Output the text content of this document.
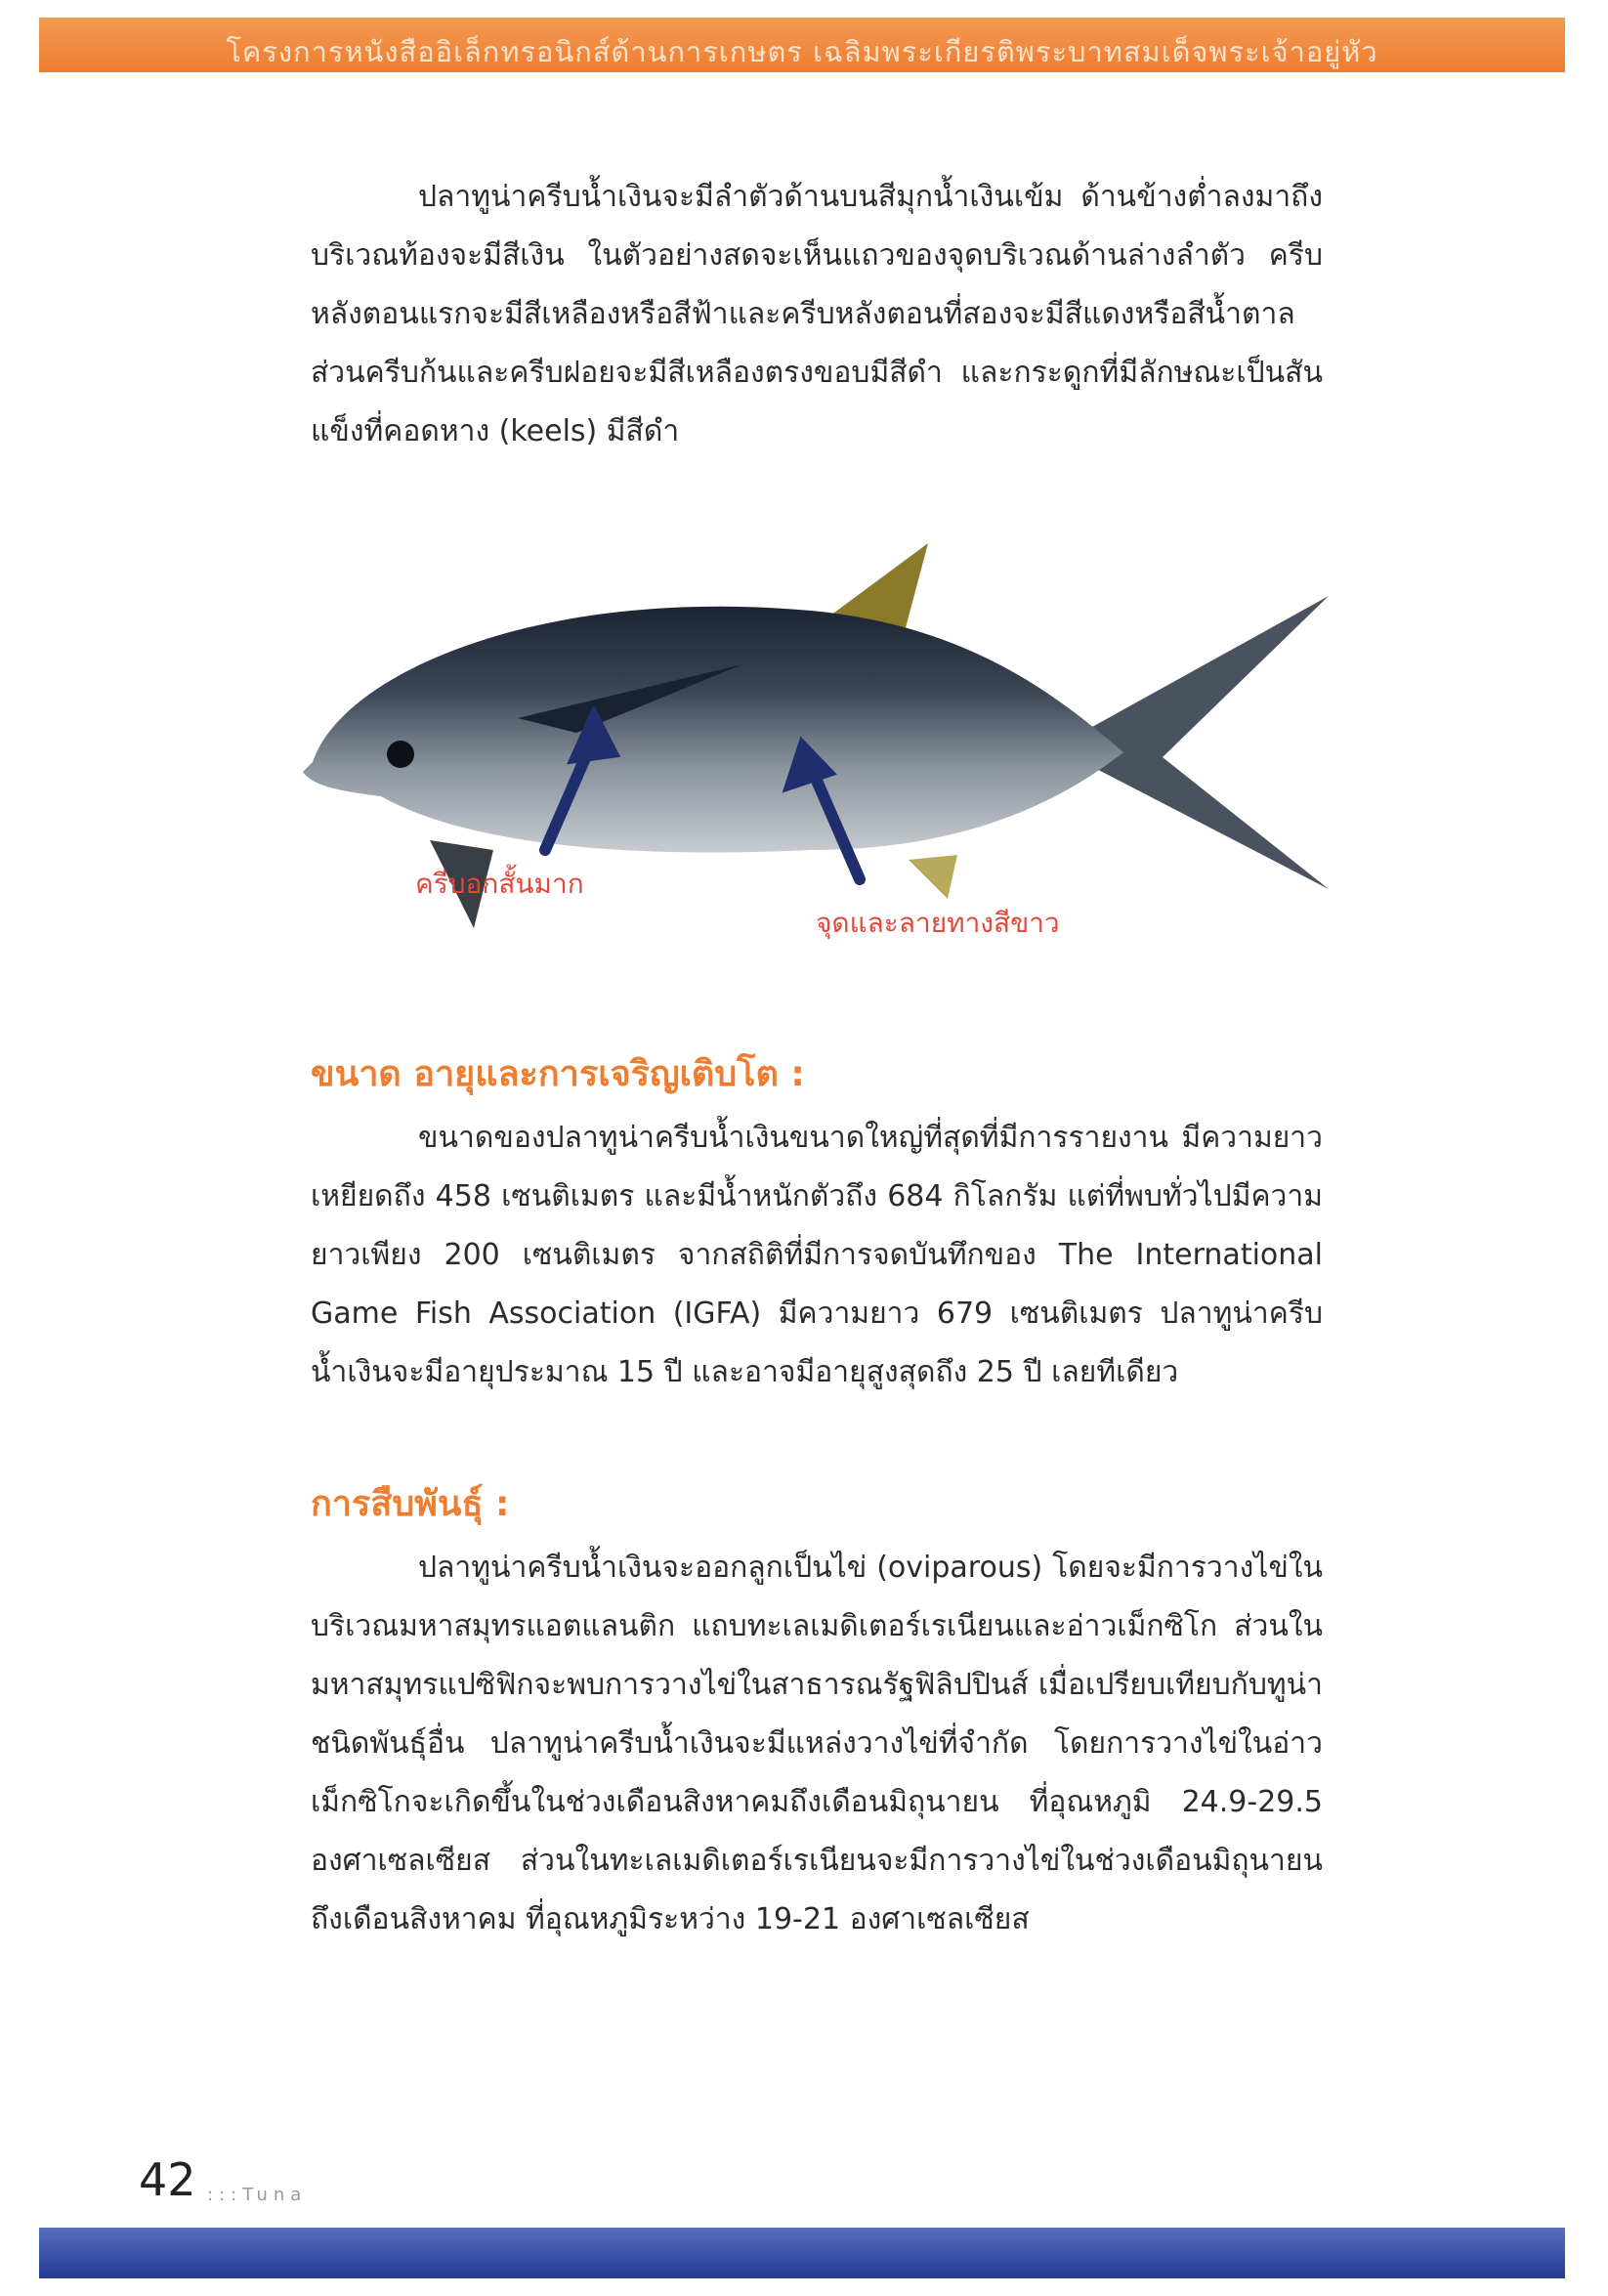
โครงการหนังสืออิเล็กทรอนิกส์ด้านการเกษตร เฉลิมพระเกียรติพระบาทสมเด็จพระเจ้าอยู่หัว

ปลาทูน่าครีบน้ำเงินจะมีลำตัวด้านบนสีมุกน้ำเงินเข้ม ด้านข้างต่ำลงมาถึงบริเวณท้องจะมีสีเงิน ในตัวอย่างสดจะเห็นแถวของจุดบริเวณด้านล่างลำตัว ครีบหลังตอนแรกจะมีสีเหลืองหรือสีฟ้าและครีบหลังตอนที่สองจะมีสีแดงหรือสีน้ำตาล ส่วนครีบก้นและครีบฝอยจะมีสีเหลืองตรงขอบมีสีดำ และกระดูกที่มีลักษณะเป็นสันแข็งที่คอดหาง (keels) มีสีดำ

ครีบอกสั้นมาก
จุดและลายทางสีขาว
ขนาด อายุและการเจริญเติบโต :

ขนาดของปลาทูน่าครีบน้ำเงินขนาดใหญ่ที่สุดที่มีการรายงาน มีความยาวเหยียดถึง 458 เซนติเมตร และมีน้ำหนักตัวถึง 684 กิโลกรัม แต่ที่พบทั่วไปมีความยาวเพียง 200 เซนติเมตร จากสถิติที่มีการจดบันทึกของ The International Game Fish Association (IGFA) มีความยาว 679 เซนติเมตร ปลาทูน่าครีบน้ำเงินจะมีอายุประมาณ 15 ปี และอาจมีอายุสูงสุดถึง 25 ปี เลยทีเดียว

การสืบพันธุ์ :

ปลาทูน่าครีบน้ำเงินจะออกลูกเป็นไข่ (oviparous) โดยจะมีการวางไข่ในบริเวณมหาสมุทรแอตแลนติก แถบทะเลเมดิเตอร์เรเนียนและอ่าวเม็กซิโก ส่วนในมหาสมุทรแปซิฟิกจะพบการวางไข่ในสาธารณรัฐฟิลิปปินส์ เมื่อเปรียบเทียบกับทูน่าชนิดพันธุ์อื่น ปลาทูน่าครีบน้ำเงินจะมีแหล่งวางไข่ที่จำกัด โดยการวางไข่ในอ่าวเม็กซิโกจะเกิดขึ้นในช่วงเดือนสิงหาคมถึงเดือนมิถุนายน ที่อุณหภูมิ 24.9-29.5 องศาเซลเซียส ส่วนในทะเลเมดิเตอร์เรเนียนจะมีการวางไข่ในช่วงเดือนมิถุนายนถึงเดือนสิงหาคม ที่อุณหภูมิระหว่าง 19-21 องศาเซลเซียส

42 :::Tuna
